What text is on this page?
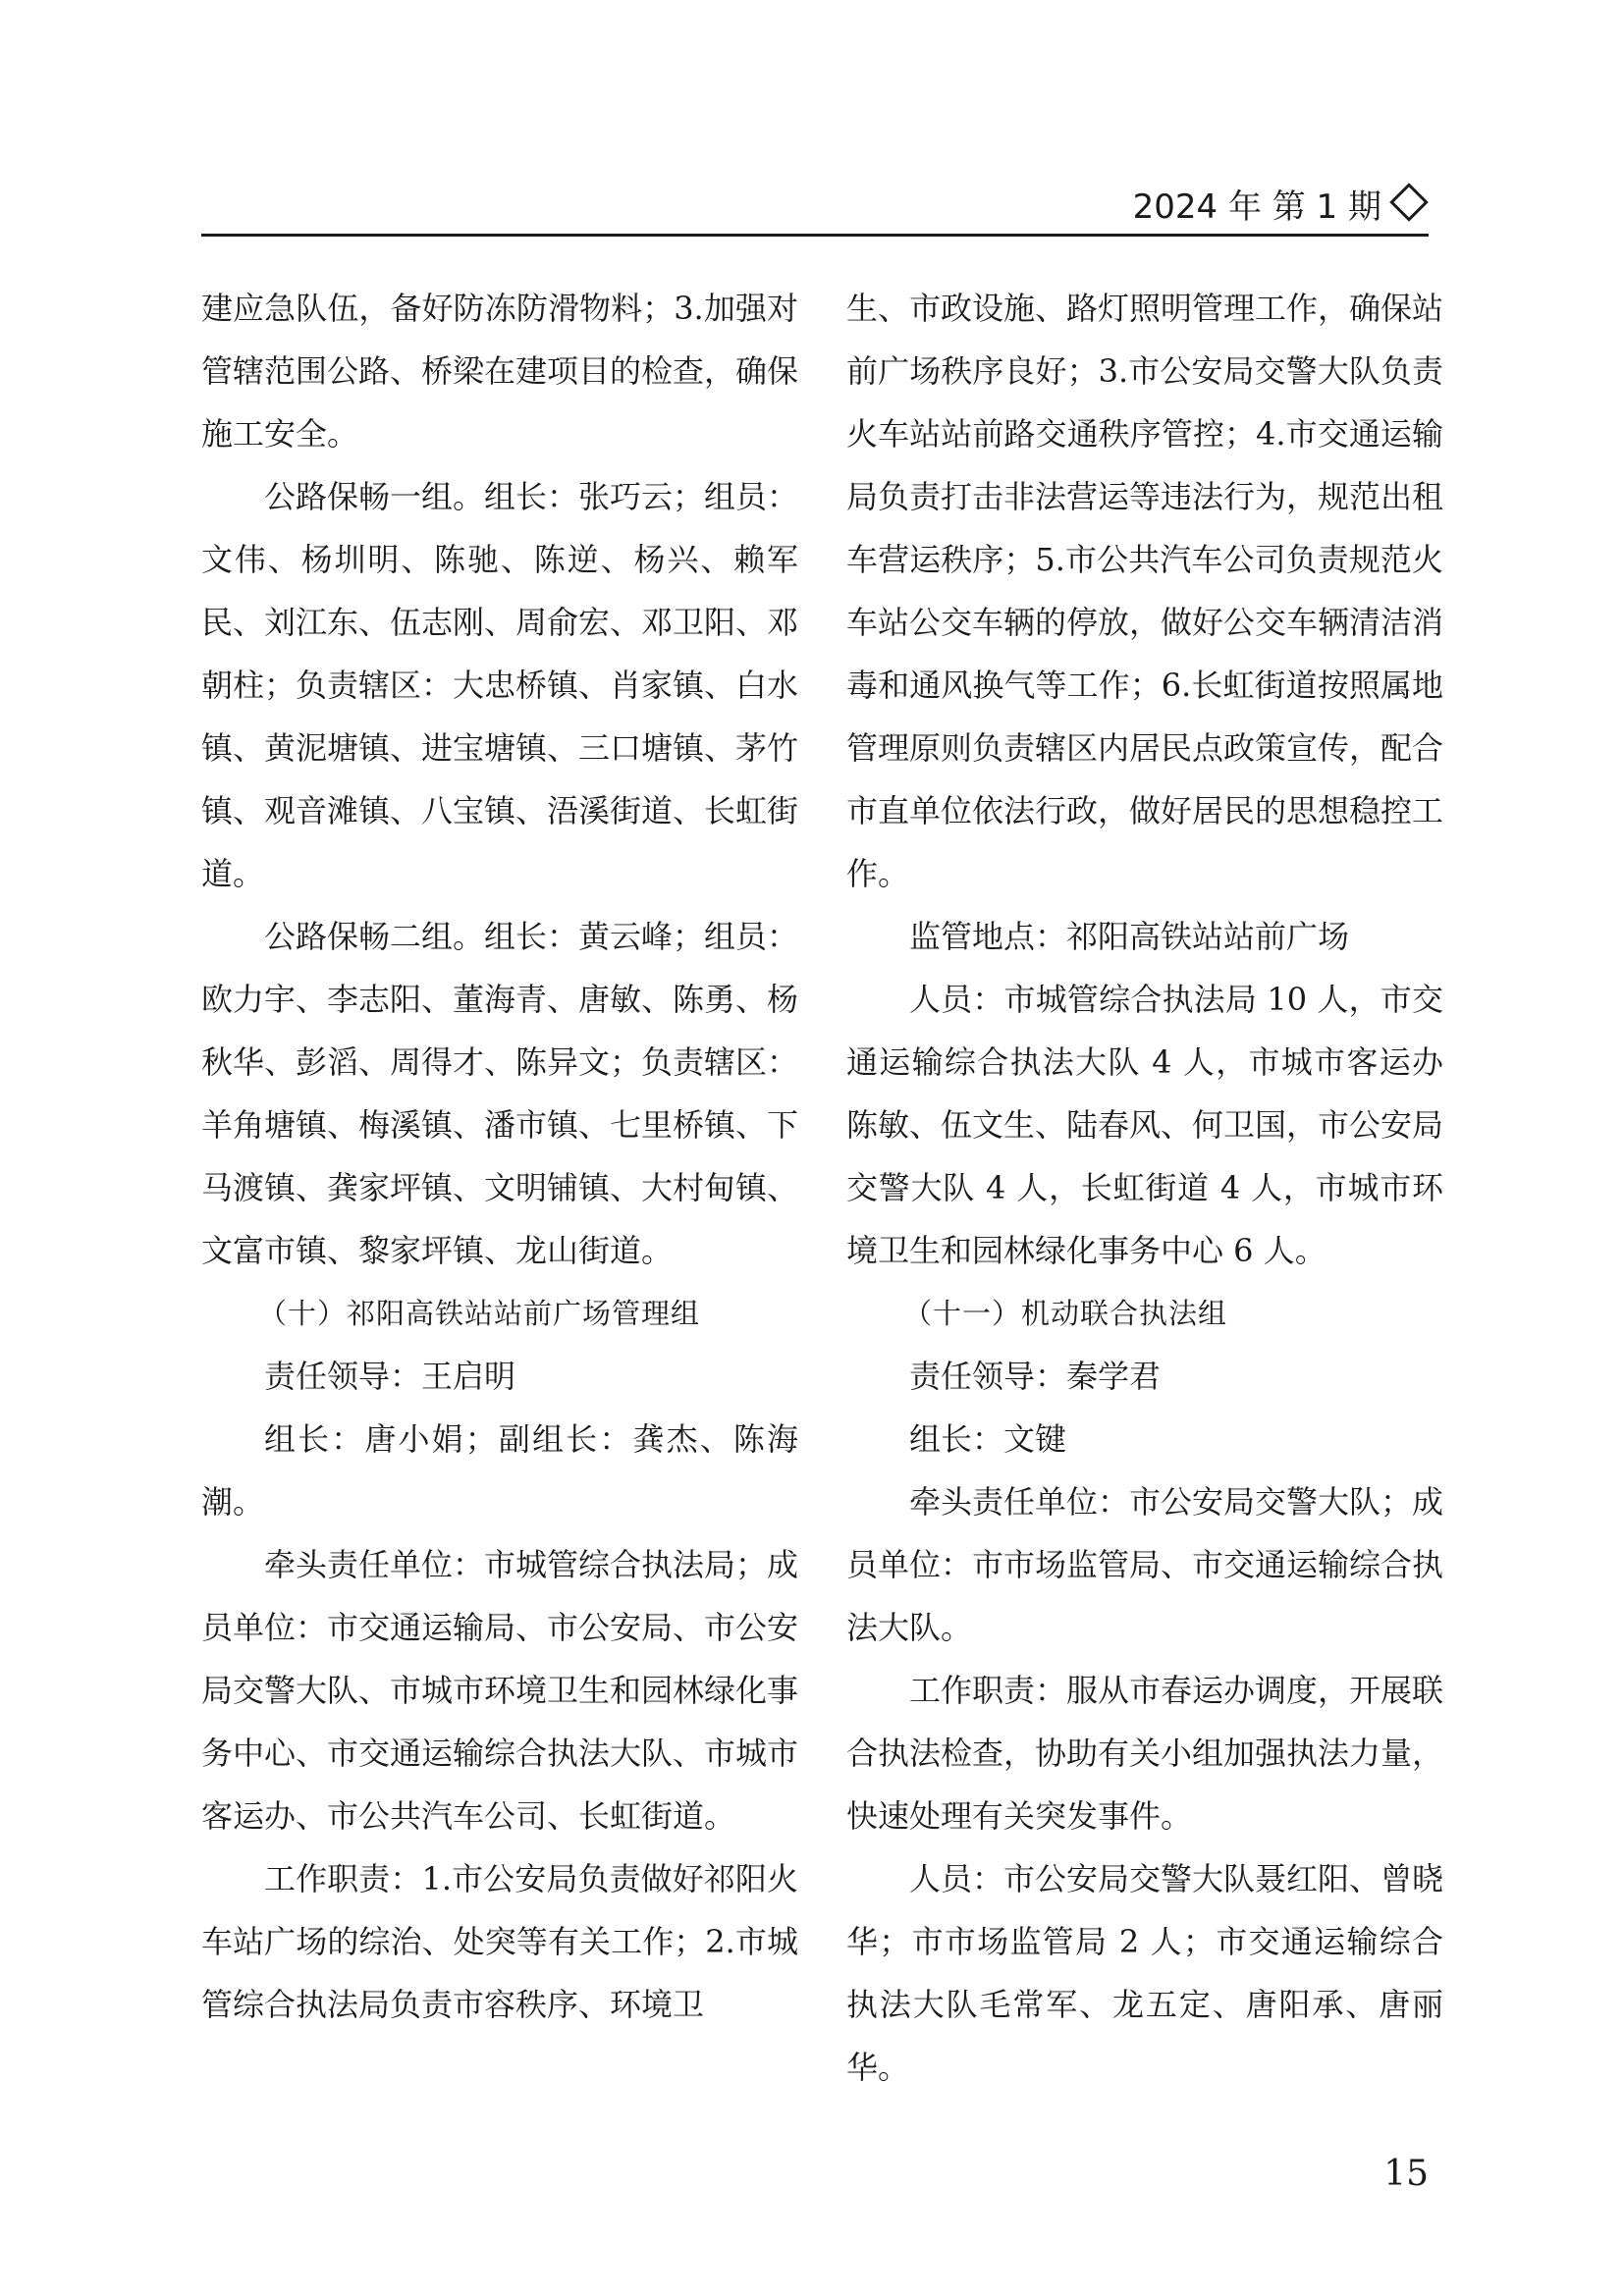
2024 年 第 1 期

建应急队伍，备好防冻防滑物料；3.加强对管辖范围公路、桥梁在建项目的检查，确保施工安全。

公路保畅一组。组长：张巧云；组员：文伟、杨圳明、陈驰、陈逆、杨兴、赖军民、刘江东、伍志刚、周俞宏、邓卫阳、邓朝柱；负责辖区：大忠桥镇、肖家镇、白水镇、黄泥塘镇、进宝塘镇、三口塘镇、茅竹镇、观音滩镇、八宝镇、浯溪街道、长虹街道。

公路保畅二组。组长：黄云峰；组员：欧力宇、李志阳、董海青、唐敏、陈勇、杨秋华、彭滔、周得才、陈异文；负责辖区：羊角塘镇、梅溪镇、潘市镇、七里桥镇、下马渡镇、龚家坪镇、文明铺镇、大村甸镇、文富市镇、黎家坪镇、龙山街道。

（十）祁阳高铁站站前广场管理组

责任领导：王启明

组长：唐小娟；副组长：龚杰、陈海潮。

牵头责任单位：市城管综合执法局；成员单位：市交通运输局、市公安局、市公安局交警大队、市城市环境卫生和园林绿化事务中心、市交通运输综合执法大队、市城市客运办、市公共汽车公司、长虹街道。

工作职责：1.市公安局负责做好祁阳火车站广场的综治、处突等有关工作；2.市城管综合执法局负责市容秩序、环境卫

生、市政设施、路灯照明管理工作，确保站前广场秩序良好；3.市公安局交警大队负责火车站站前路交通秩序管控；4.市交通运输局负责打击非法营运等违法行为，规范出租车营运秩序；5.市公共汽车公司负责规范火车站公交车辆的停放，做好公交车辆清洁消毒和通风换气等工作；6.长虹街道按照属地管理原则负责辖区内居民点政策宣传，配合市直单位依法行政，做好居民的思想稳控工作。

监管地点：祁阳高铁站站前广场

人员：市城管综合执法局 10 人，市交通运输综合执法大队 4 人，市城市客运办陈敏、伍文生、陆春风、何卫国，市公安局交警大队 4 人，长虹街道 4 人，市城市环境卫生和园林绿化事务中心 6 人。

（十一）机动联合执法组

责任领导：秦学君

组长：文键

牵头责任单位：市公安局交警大队；成员单位：市市场监管局、市交通运输综合执法大队。

工作职责：服从市春运办调度，开展联合执法检查，协助有关小组加强执法力量，快速处理有关突发事件。

人员：市公安局交警大队聂红阳、曾晓华；市市场监管局 2 人；市交通运输综合执法大队毛常军、龙五定、唐阳承、唐丽华。

15
